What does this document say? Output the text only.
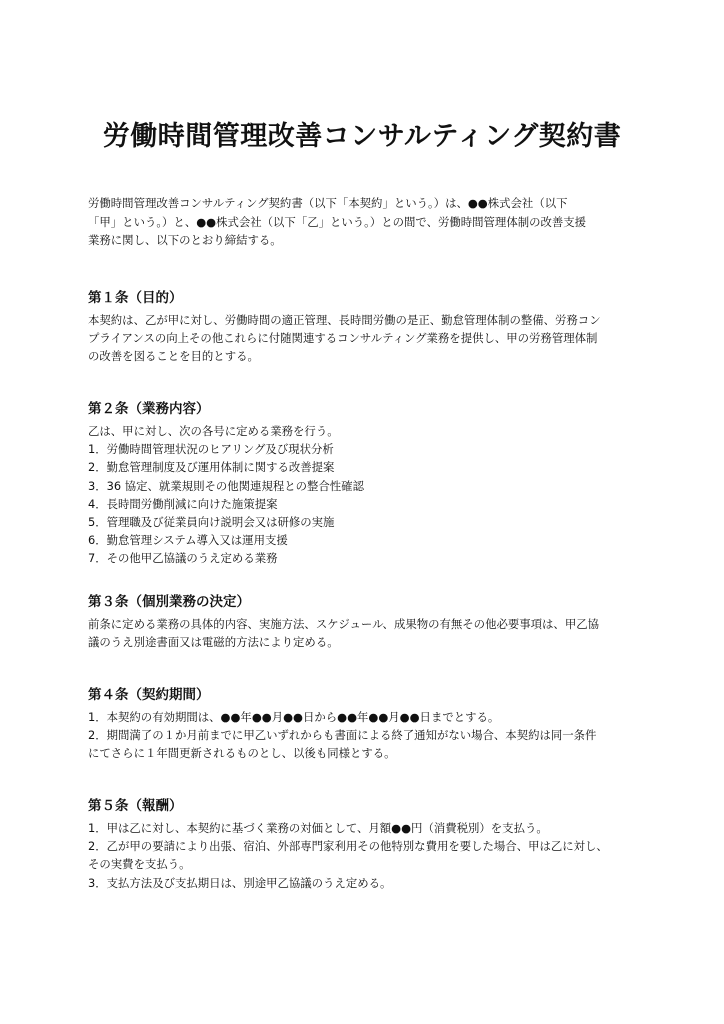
労働時間管理改善コンサルティング契約書

労働時間管理改善コンサルティング契約書（以下「本契約」という。）は、●●株式会社（以下
「甲」という。）と、●●株式会社（以下「乙」という。）との間で、労働時間管理体制の改善支援
業務に関し、以下のとおり締結する。

第１条（目的）

本契約は、乙が甲に対し、労働時間の適正管理、長時間労働の是正、勤怠管理体制の整備、労務コン
プライアンスの向上その他これらに付随関連するコンサルティング業務を提供し、甲の労務管理体制
の改善を図ることを目的とする。

第２条（業務内容）

乙は、甲に対し、次の各号に定める業務を行う。
1．労働時間管理状況のヒアリング及び現状分析
2．勤怠管理制度及び運用体制に関する改善提案
3．36 協定、就業規則その他関連規程との整合性確認
4．長時間労働削減に向けた施策提案
5．管理職及び従業員向け説明会又は研修の実施
6．勤怠管理システム導入又は運用支援
7．その他甲乙協議のうえ定める業務

第３条（個別業務の決定）

前条に定める業務の具体的内容、実施方法、スケジュール、成果物の有無その他必要事項は、甲乙協
議のうえ別途書面又は電磁的方法により定める。

第４条（契約期間）

1．本契約の有効期間は、●●年●●月●●日から●●年●●月●●日までとする。
2．期間満了の１か月前までに甲乙いずれからも書面による終了通知がない場合、本契約は同一条件
にてさらに１年間更新されるものとし、以後も同様とする。

第５条（報酬）

1．甲は乙に対し、本契約に基づく業務の対価として、月額●●円（消費税別）を支払う。
2．乙が甲の要請により出張、宿泊、外部専門家利用その他特別な費用を要した場合、甲は乙に対し、
その実費を支払う。
3．支払方法及び支払期日は、別途甲乙協議のうえ定める。
